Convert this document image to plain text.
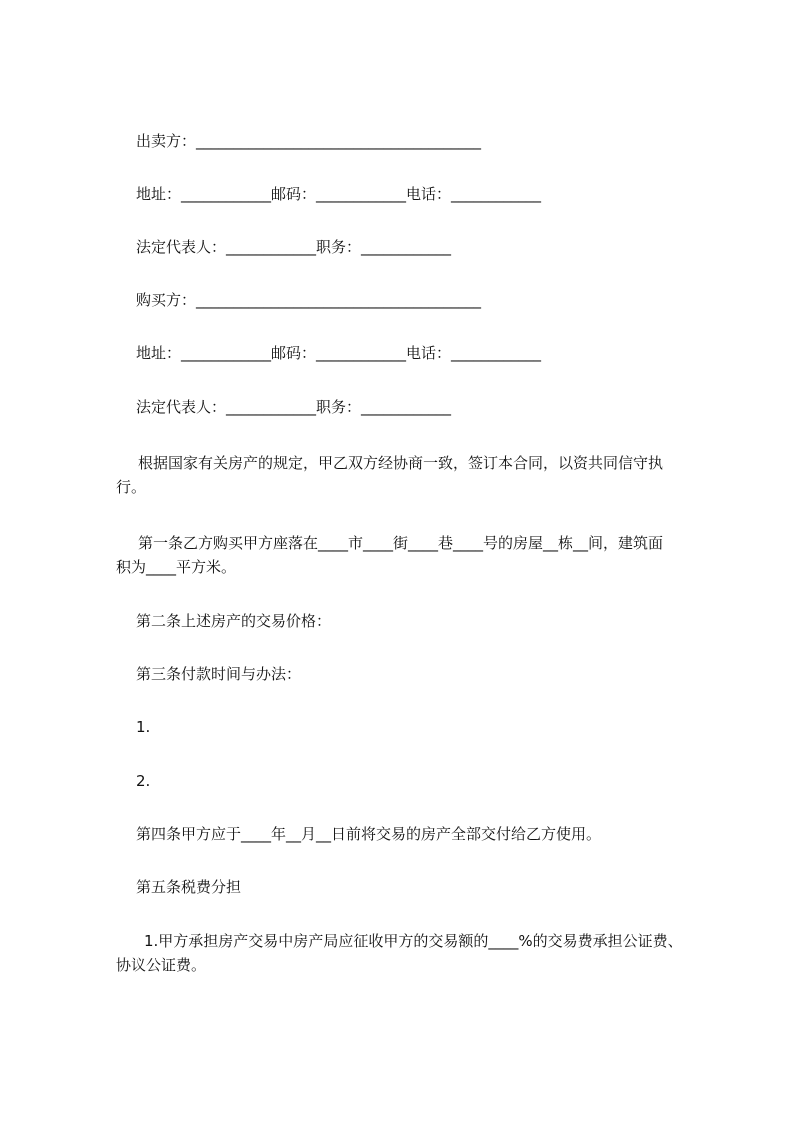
出卖方：______________________________________
地址：____________邮码：____________电话：____________
法定代表人：____________职务：____________
购买方：______________________________________
地址：____________邮码：____________电话：____________
法定代表人：____________职务：____________
根据国家有关房产的规定，甲乙双方经协商一致，签订本合同，以资共同信守执
行。
第一条乙方购买甲方座落在____市____街____巷____号的房屋__栋__间，建筑面
积为____平方米。
第二条上述房产的交易价格：
第三条付款时间与办法：
1.
2.
第四条甲方应于____年__月__日前将交易的房产全部交付给乙方使用。
第五条税费分担
1.甲方承担房产交易中房产局应征收甲方的交易额的____%的交易费承担公证费、
协议公证费。
